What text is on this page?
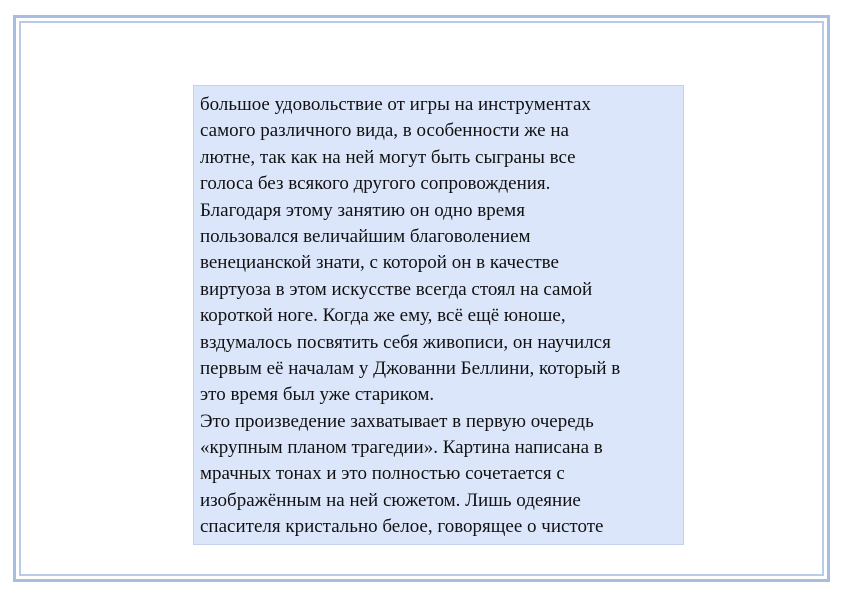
большое удовольствие от игры на инструментах
самого различного вида, в особенности же на
лютне, так как на ней могут быть сыграны все
голоса без всякого другого сопровождения.
Благодаря этому занятию он одно время
пользовался величайшим благоволением
венецианской знати, с которой он в качестве
виртуоза в этом искусстве всегда стоял на самой
короткой ноге. Когда же ему, всё ещё юноше,
вздумалось посвятить себя живописи, он научился
первым её началам у Джованни Беллини, который в
это время был уже стариком.
Это произведение захватывает в первую очередь
«крупным планом трагедии». Картина написана в
мрачных тонах и это полностью сочетается с
изображённым на ней сюжетом. Лишь одеяние
спасителя кристально белое, говорящее о чистоте
